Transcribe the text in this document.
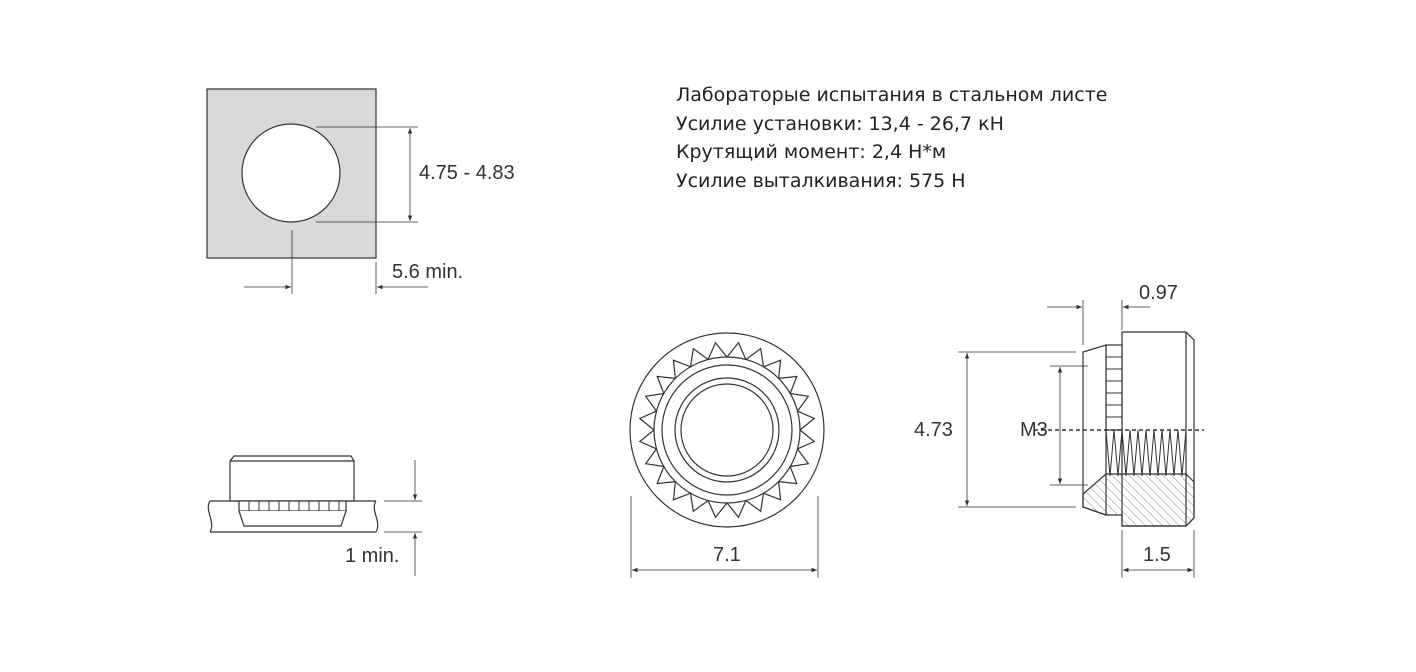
Лабораторые испытания в стальном листе
Усилие установки: 13,4 - 26,7 кН
Крутящий момент: 2,4 Н*м
Усилие выталкивания: 575 Н
4.75 - 4.83
5.6 min.
1 min.	7.1
4.73	M3
0.97
1.5
